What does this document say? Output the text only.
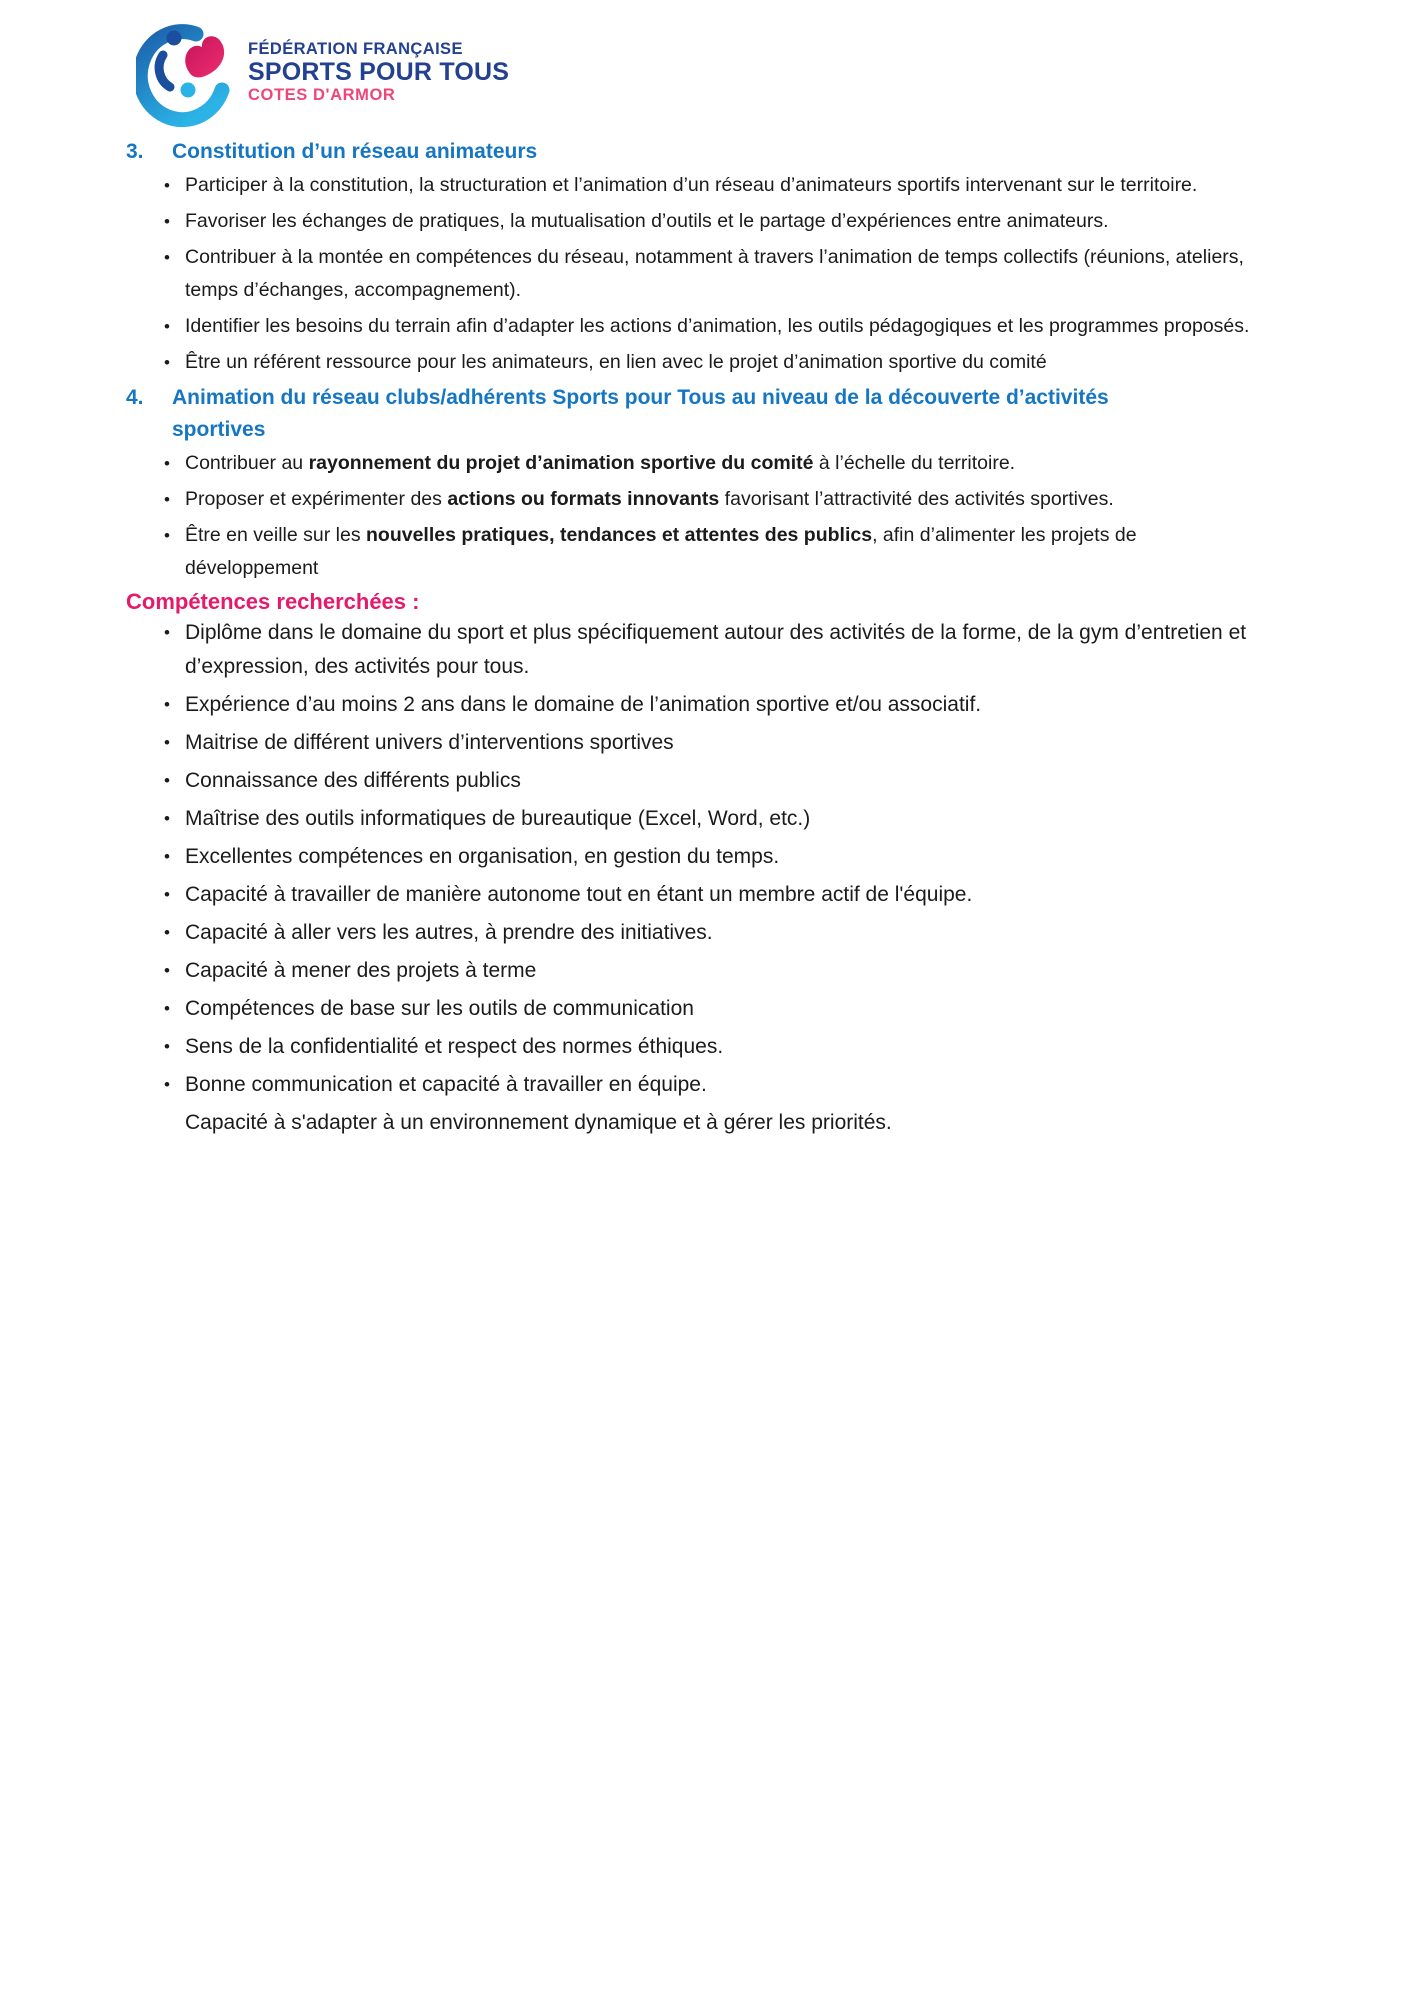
FÉDÉRATION FRANÇAISE
SPORTS POUR TOUS
COTES D'ARMOR
3.	Constitution d’un réseau animateurs
• Participer à la constitution, la structuration et l’animation d’un réseau d’animateurs sportifs intervenant sur le territoire.
• Favoriser les échanges de pratiques, la mutualisation d’outils et le partage d’expériences entre animateurs.
• Contribuer à la montée en compétences du réseau, notamment à travers l’animation de temps collectifs (réunions, ateliers, temps d’échanges, accompagnement).
• Identifier les besoins du terrain afin d’adapter les actions d’animation, les outils pédagogiques et les programmes proposés.
• Être un référent ressource pour les animateurs, en lien avec le projet d’animation sportive du comité
4.	Animation du réseau clubs/adhérents Sports pour Tous au niveau de la découverte d’activités sportives
• Contribuer au rayonnement du projet d’animation sportive du comité à l’échelle du territoire.
• Proposer et expérimenter des actions ou formats innovants favorisant l’attractivité des activités sportives.
• Être en veille sur les nouvelles pratiques, tendances et attentes des publics, afin d’alimenter les projets de développement
Compétences recherchées :
• Diplôme dans le domaine du sport et plus spécifiquement autour des activités de la forme, de la gym d’entretien et d’expression, des activités pour tous.
• Expérience d’au moins 2 ans dans le domaine de l’animation sportive et/ou associatif.
• Maitrise de différent univers d’interventions sportives
• Connaissance des différents publics
• Maîtrise des outils informatiques de bureautique (Excel, Word, etc.)
• Excellentes compétences en organisation, en gestion du temps.
• Capacité à travailler de manière autonome tout en étant un membre actif de l'équipe.
• Capacité à aller vers les autres, à prendre des initiatives.
• Capacité à mener des projets à terme
• Compétences de base sur les outils de communication
• Sens de la confidentialité et respect des normes éthiques.
• Bonne communication et capacité à travailler en équipe.
Capacité à s'adapter à un environnement dynamique et à gérer les priorités.
